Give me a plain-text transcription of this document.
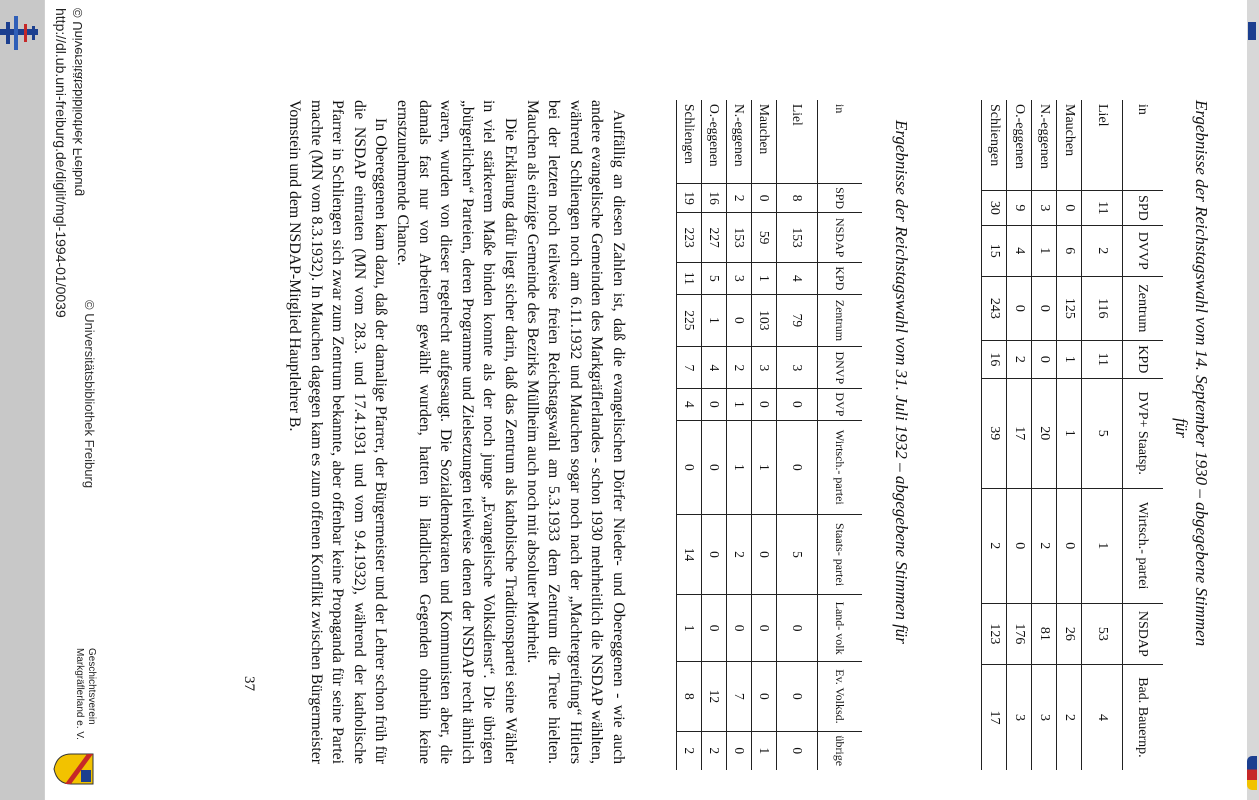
http://dl.ub.uni-freiburg.de/diglit/mgl-1994-01/0039 © Universitätsbibliothek Freiburg
© Universitätsbibliothek Freiburg
Geschichtsverein Markgräflerland e. V.
Ergebnisse der Reichstagswahl vom 14. September 1930 – abgegebene Stimmen
für
in	SPD	DVVP	Zentrum	KPD	DVP+ Staatsp.	Wirtsch.- partei	NSDAP	Bad. Bauernp.
Liel	11	2	116	11	5	1	53	4
Mauchen	0	6	125	1	1	0	26	2
N.-eggenen	3	1	0	0	20	2	81	3
O.-eggenen	9	4	0	2	17	0	176	3
Schliengen	30	15	243	16	39	2	123	17
Ergebnisse der Reichstagswahl vom 31. Juli 1932 – abgegebene Stimmen für
in	SPD	NSDAP	KPD	Zentrum	DNVP	DVP	Wirtsch.- partei	Staats- partei	Land- volk	Ev. Volksd.	übrige
Liel	8	153	4	79	3	0	0	5	0	0	0
Mauchen	0	59	1	103	3	0	1	0	0	0	1
N.-eggenen	2	153	3	0	2	1	1	2	0	7	0
O.-eggenen	16	227	5	1	4	0	0	0	0	12	2
Schliengen	19	223	11	225	7	4	0	14	1	8	2

Auffällig an diesen Zahlen ist, daß die evangelischen Dörfer Nieder- und Obereggenen - wie auch andere evangelische Gemeinden des Markgräflerlandes - schon 1930 mehrheitlich die NSDAP wählten, während Schliengen noch am 6.11.1932 und Mauchen sogar noch nach der „Machtergreifung“ Hitlers bei der letzten noch teilweise freien Reichstagswahl am 5.3.1933 dem Zentrum die Treue hielten. Mauchen als einzige Gemeinde des Bezirks Müllheim auch noch mit absoluter Mehrheit.

Die Erklärung dafür liegt sicher darin, daß das Zentrum als katholische Traditionspartei seine Wähler in viel stärkerem Maße binden konnte als der noch junge „Evangelische Volksdienst“. Die übrigen „bürgerlichen“ Parteien, deren Programme und Zielsetzungen teilweise denen der NSDAP recht ähnlich waren, wurden von dieser regelrecht aufgesaugt. Die Sozialdemokraten und Kommunisten aber, die damals fast nur von Arbeitern gewählt wurden, hatten in ländlichen Gegenden ohnehin keine ernstzunehmende Chance.

In Obereggenen kam dazu, daß der damalige Pfarrer, der Bürgermeister und der Lehrer schon früh für die NSDAP eintraten (MN vom 28.3. und 17.4.1931 und vom 9.4.1932), während der katholische Pfarrer in Schliengen sich zwar zum Zentrum bekannte, aber offenbar keine Propaganda für seine Partei machte (MN vom 8.3.1932). In Mauchen dagegen kam es zum offenen Konflikt zwischen Bürgermeister Vomstein und dem NSDAP-Mitglied Hauptlehrer B.

37
